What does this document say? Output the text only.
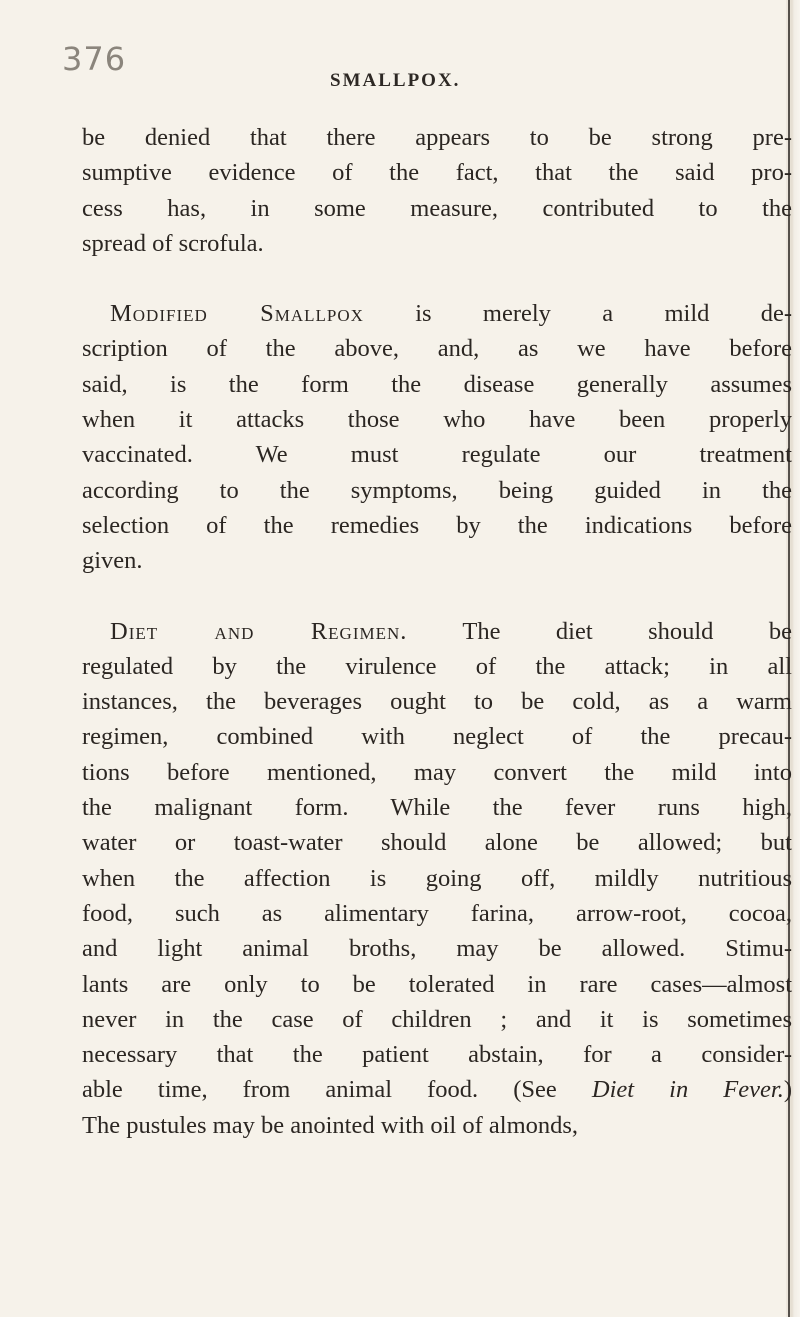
376
SMALLPOX.
be denied that there appears to be strong pre-
sumptive evidence of the fact, that the said pro-
cess has, in some measure, contributed to the
spread of scrofula.
Modified Smallpox is merely a mild de-
scription of the above, and, as we have before
said, is the form the disease generally assumes
when it attacks those who have been properly
vaccinated. We must regulate our treatment
according to the symptoms, being guided in the
selection of the remedies by the indications before
given.
Diet and Regimen. The diet should be
regulated by the virulence of the attack; in all
instances, the beverages ought to be cold, as a warm
regimen, combined with neglect of the precau-
tions before mentioned, may convert the mild into
the malignant form. While the fever runs high,
water or toast-water should alone be allowed; but
when the affection is going off, mildly nutritious
food, such as alimentary farina, arrow-root, cocoa,
and light animal broths, may be allowed. Stimu-
lants are only to be tolerated in rare cases—almost
never in the case of children ; and it is sometimes
necessary that the patient abstain, for a consider-
able time, from animal food. (See Diet in Fever.)
The pustules may be anointed with oil of almonds,
